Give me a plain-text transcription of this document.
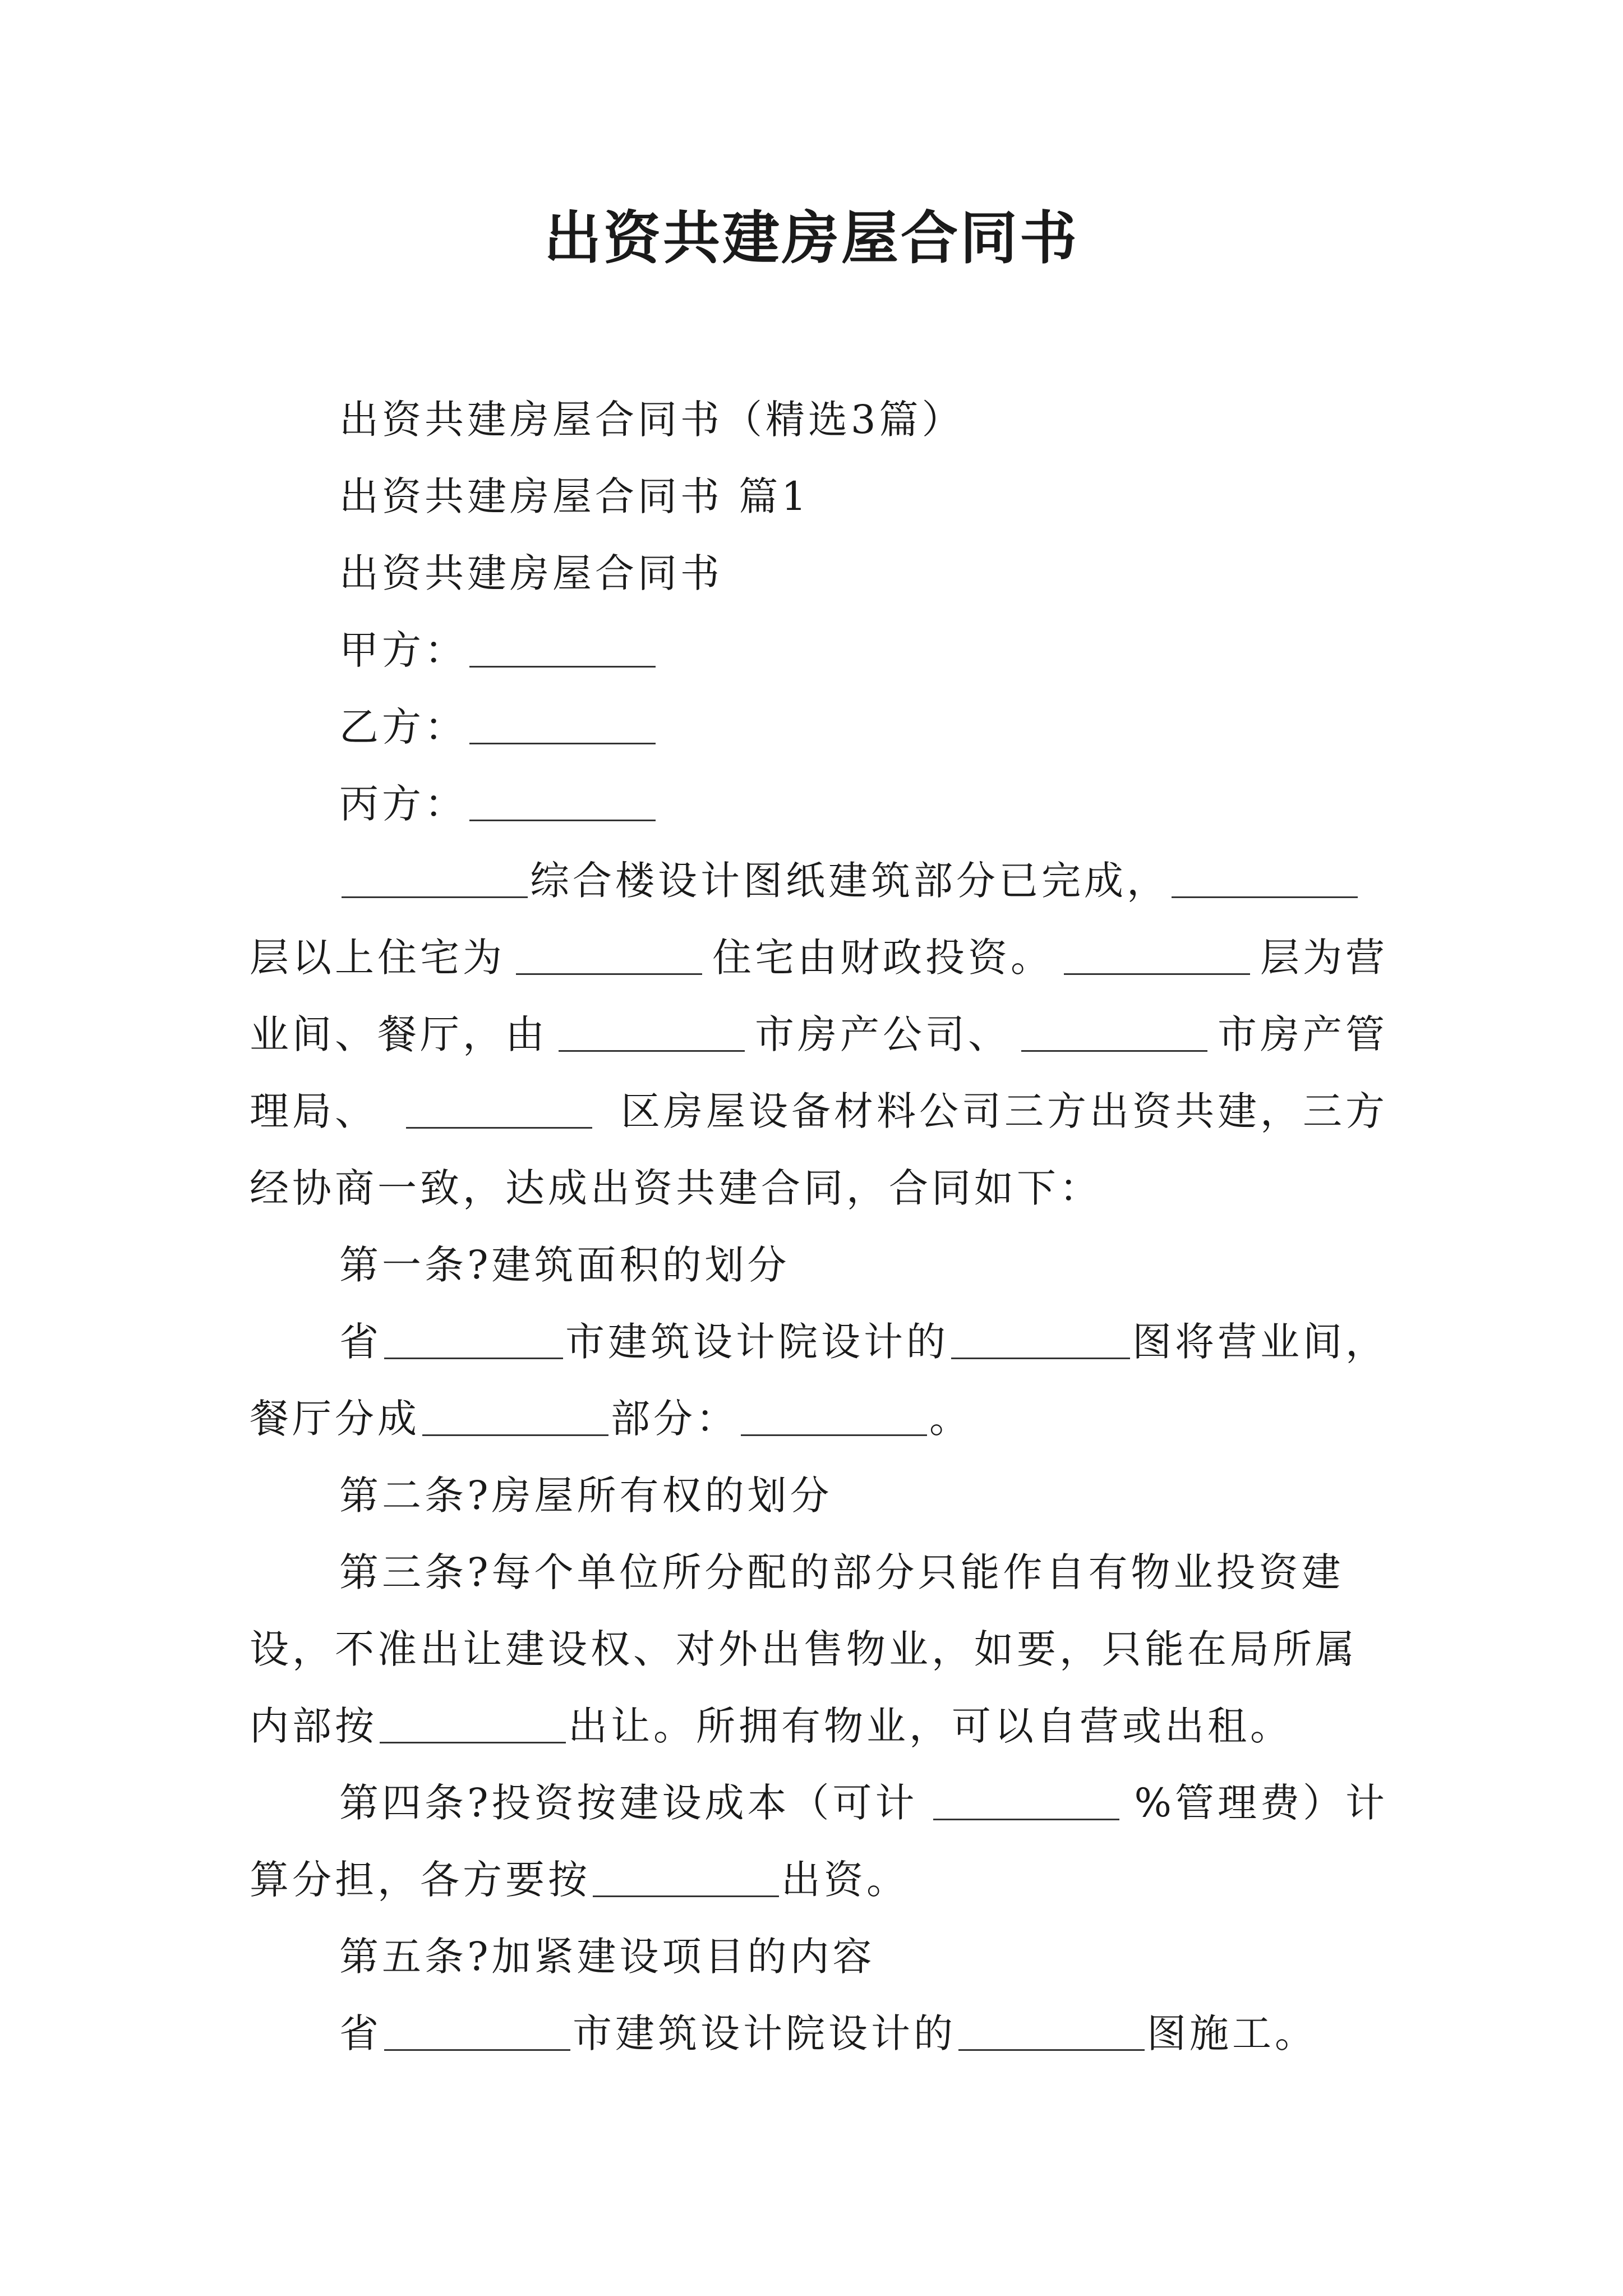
出资共建房屋合同书
出资共建房屋合同书（精选3篇）
出资共建房屋合同书 篇1
出资共建房屋合同书
甲方：
乙方：
丙方：
综合楼设计图纸建筑部分已完成，
层以上住宅为	住宅由财政投资。	层为营
业间、餐厅，由	市房产公司、	市房产管
理局、	区房屋设备材料公司三方出资共建，三方
经协商一致，达成出资共建合同，合同如下：
第一条?建筑面积的划分
省	市建筑设计院设计的	图将营业间，
餐厅分成	部分：	。
第二条?房屋所有权的划分
第三条?每个单位所分配的部分只能作自有物业投资建
设，不准出让建设权、对外出售物业，如要，只能在局所属
内部按	出让。所拥有物业，可以自营或出租。
第四条?投资按建设成本（可计	%管理费）计
算分担，各方要按	出资。
第五条?加紧建设项目的内容
省	市建筑设计院设计的	图施工。
